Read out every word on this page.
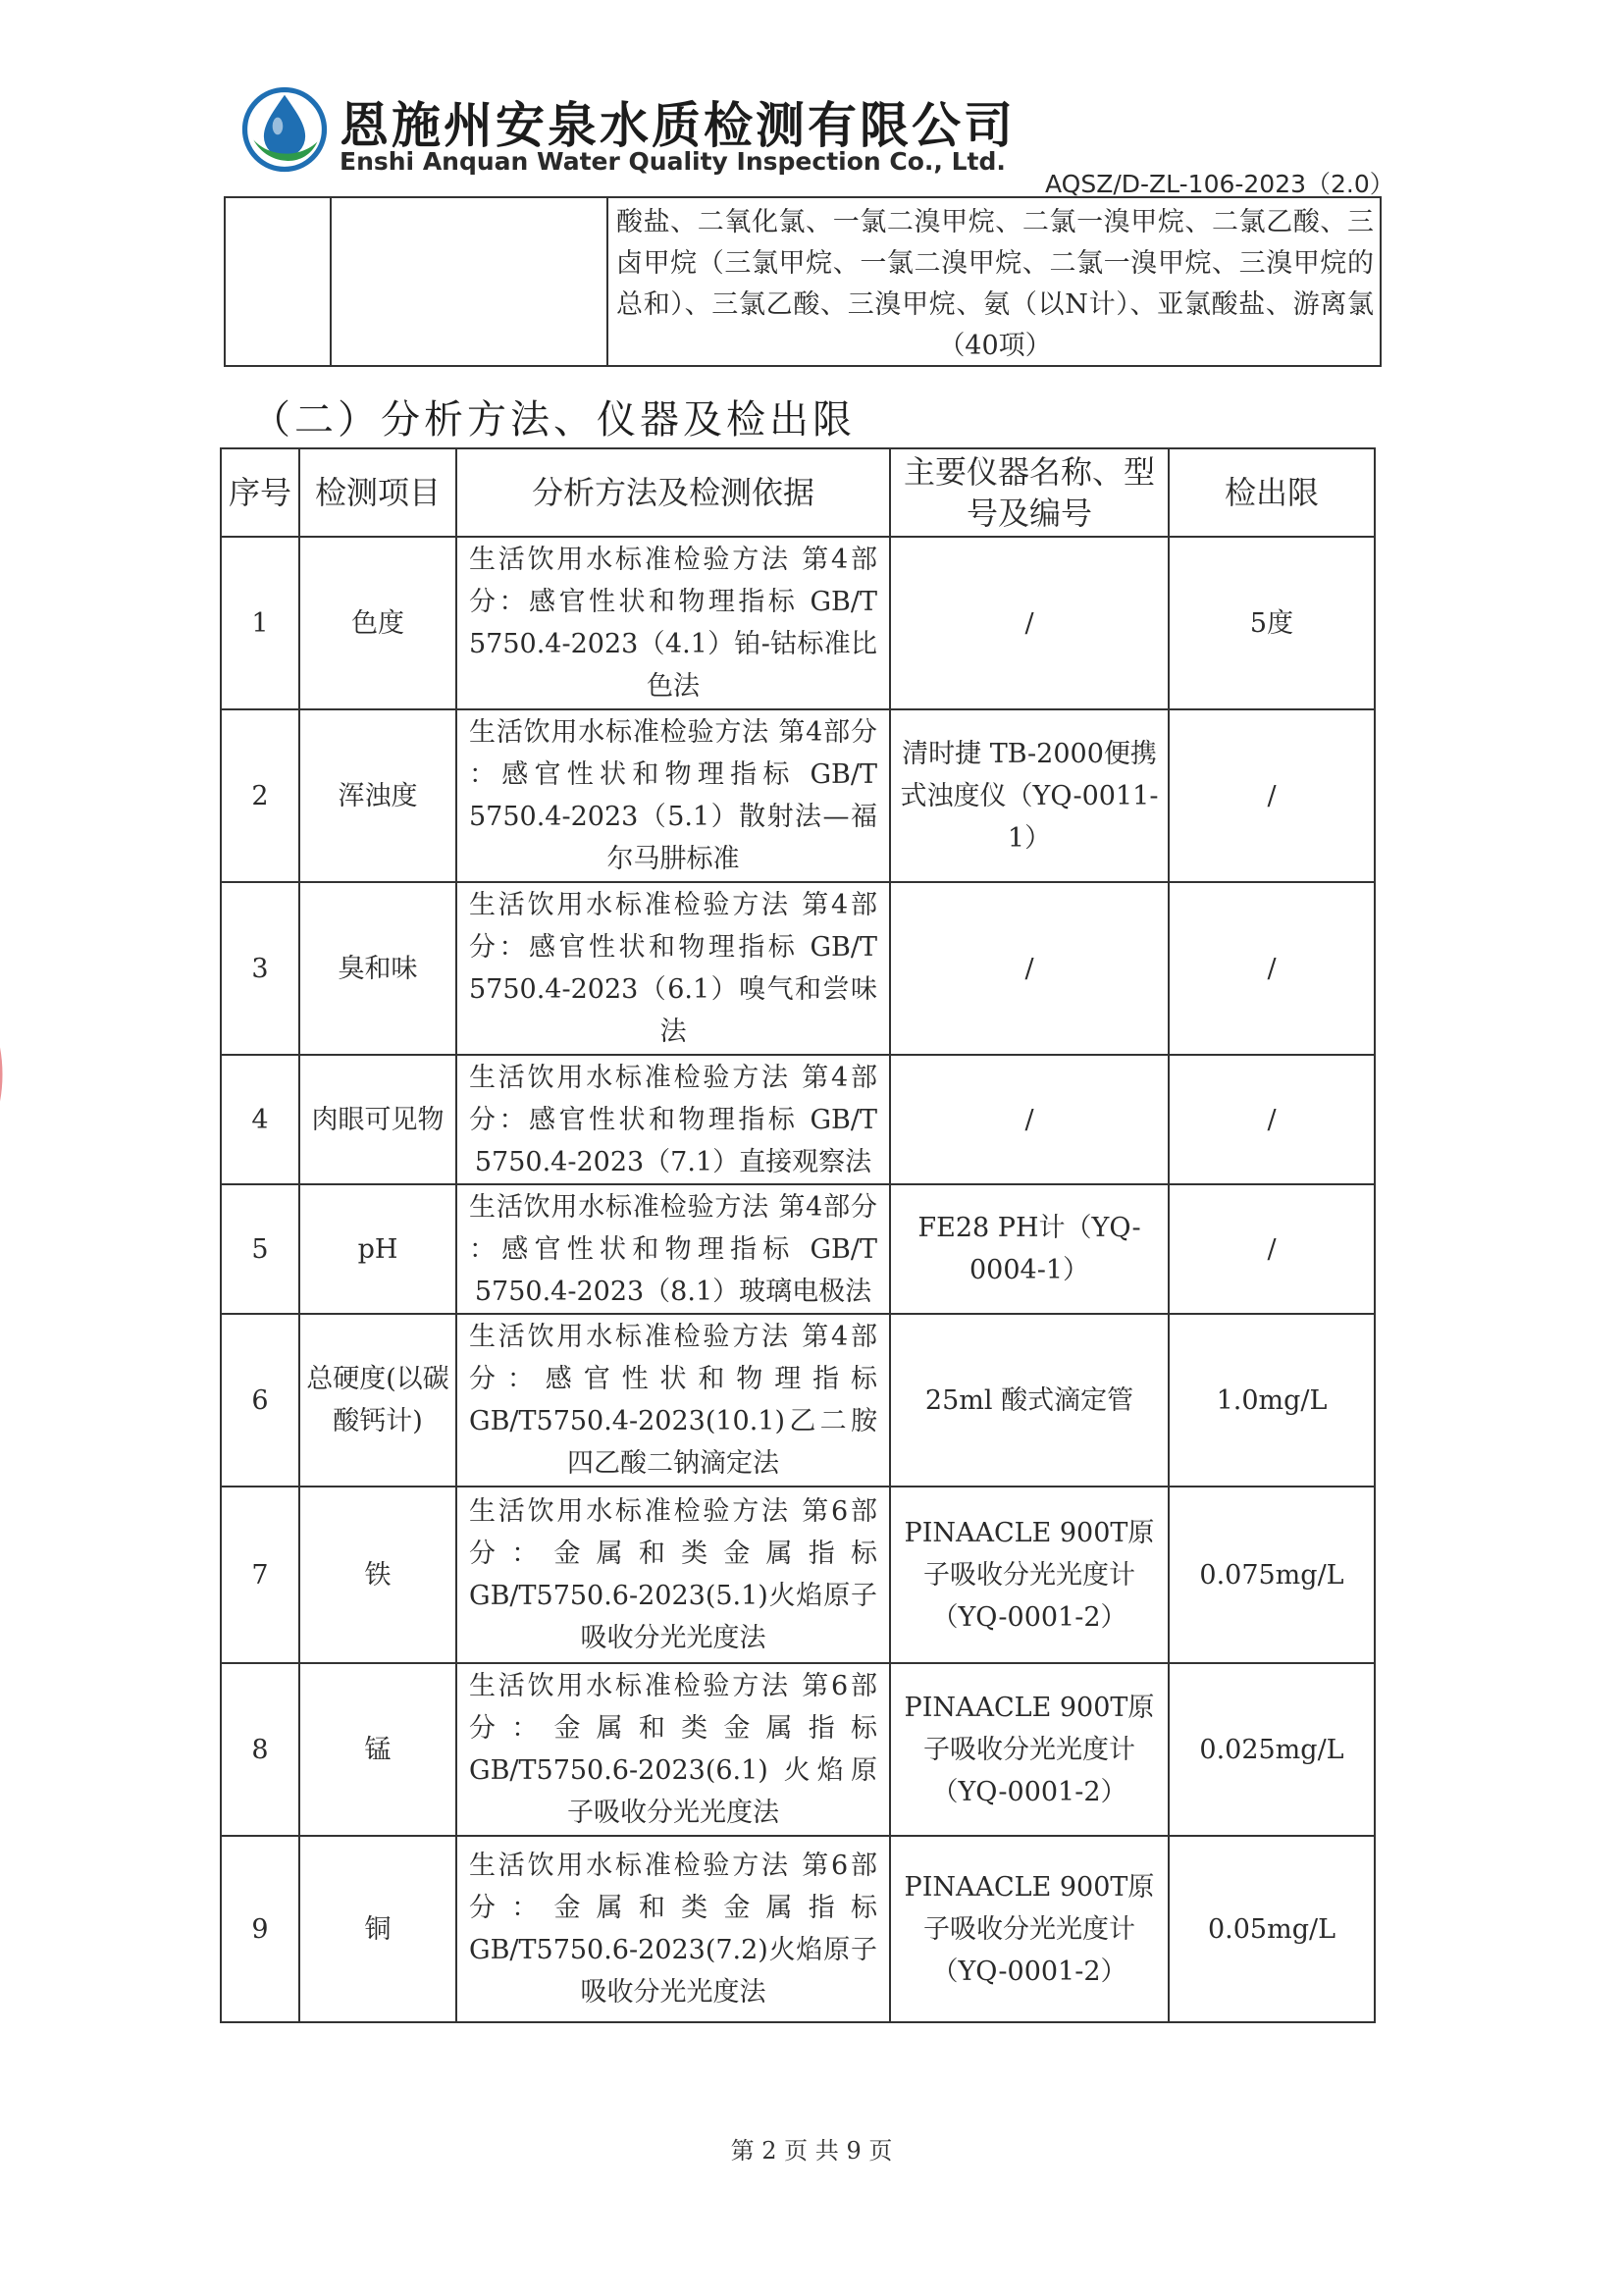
恩施州安泉水质检测有限公司
Enshi Anquan Water Quality Inspection Co., Ltd.
AQSZ/D-ZL-106-2023（2.0）
酸盐、二氧化氯、一氯二溴甲烷、二氯一溴甲烷、二氯乙酸、三卤甲烷（三氯甲烷、一氯二溴甲烷、二氯一溴甲烷、三溴甲烷的总和）、三氯乙酸、三溴甲烷、氨（以N计）、亚氯酸盐、游离氯（40项）
（二）分析方法、仪器及检出限
序号	检测项目	分析方法及检测依据	主要仪器名称、型号及编号	检出限
1	色度	生活饮用水标准检验方法 第4部分：感官性状和物理指标 GB/T 5750.4-2023（4.1）铂-钴标准比色法	/	5度
2	浑浊度	生活饮用水标准检验方法 第4部分 ：感官性状和物理指标 GB/T 5750.4-2023（5.1）散射法—福尔马肼标准	清时捷 TB-2000便携式浊度仪（YQ-0011-1）	/
3	臭和味	生活饮用水标准检验方法 第4部分：感官性状和物理指标 GB/T 5750.4-2023（6.1）嗅气和尝味法	/	/
4	肉眼可见物	生活饮用水标准检验方法 第4部分：感官性状和物理指标 GB/T 5750.4-2023（7.1）直接观察法	/	/
5	pH	生活饮用水标准检验方法 第4部分 ：感官性状和物理指标 GB/T 5750.4-2023（8.1）玻璃电极法	FE28 PH计（YQ-0004-1）	/
6	总硬度(以碳酸钙计)	生活饮用水标准检验方法 第4部分：感官性状和物理指标 GB/T5750.4-2023(10.1)乙二胺四乙酸二钠滴定法	25ml 酸式滴定管	1.0mg/L
7	铁	生活饮用水标准检验方法 第6部分：金属和类金属指标 GB/T5750.6-2023(5.1)火焰原子吸收分光光度法	PINAACLE 900T原子吸收分光光度计（YQ-0001-2）	0.075mg/L
8	锰	生活饮用水标准检验方法 第6部分：金属和类金属指标 GB/T5750.6-2023(6.1) 火焰原子吸收分光光度法	PINAACLE 900T原子吸收分光光度计（YQ-0001-2）	0.025mg/L
9	铜	生活饮用水标准检验方法 第6部分：金属和类金属指标 GB/T5750.6-2023(7.2)火焰原子吸收分光光度法	PINAACLE 900T原子吸收分光光度计（YQ-0001-2）	0.05mg/L
第 2 页 共 9 页
